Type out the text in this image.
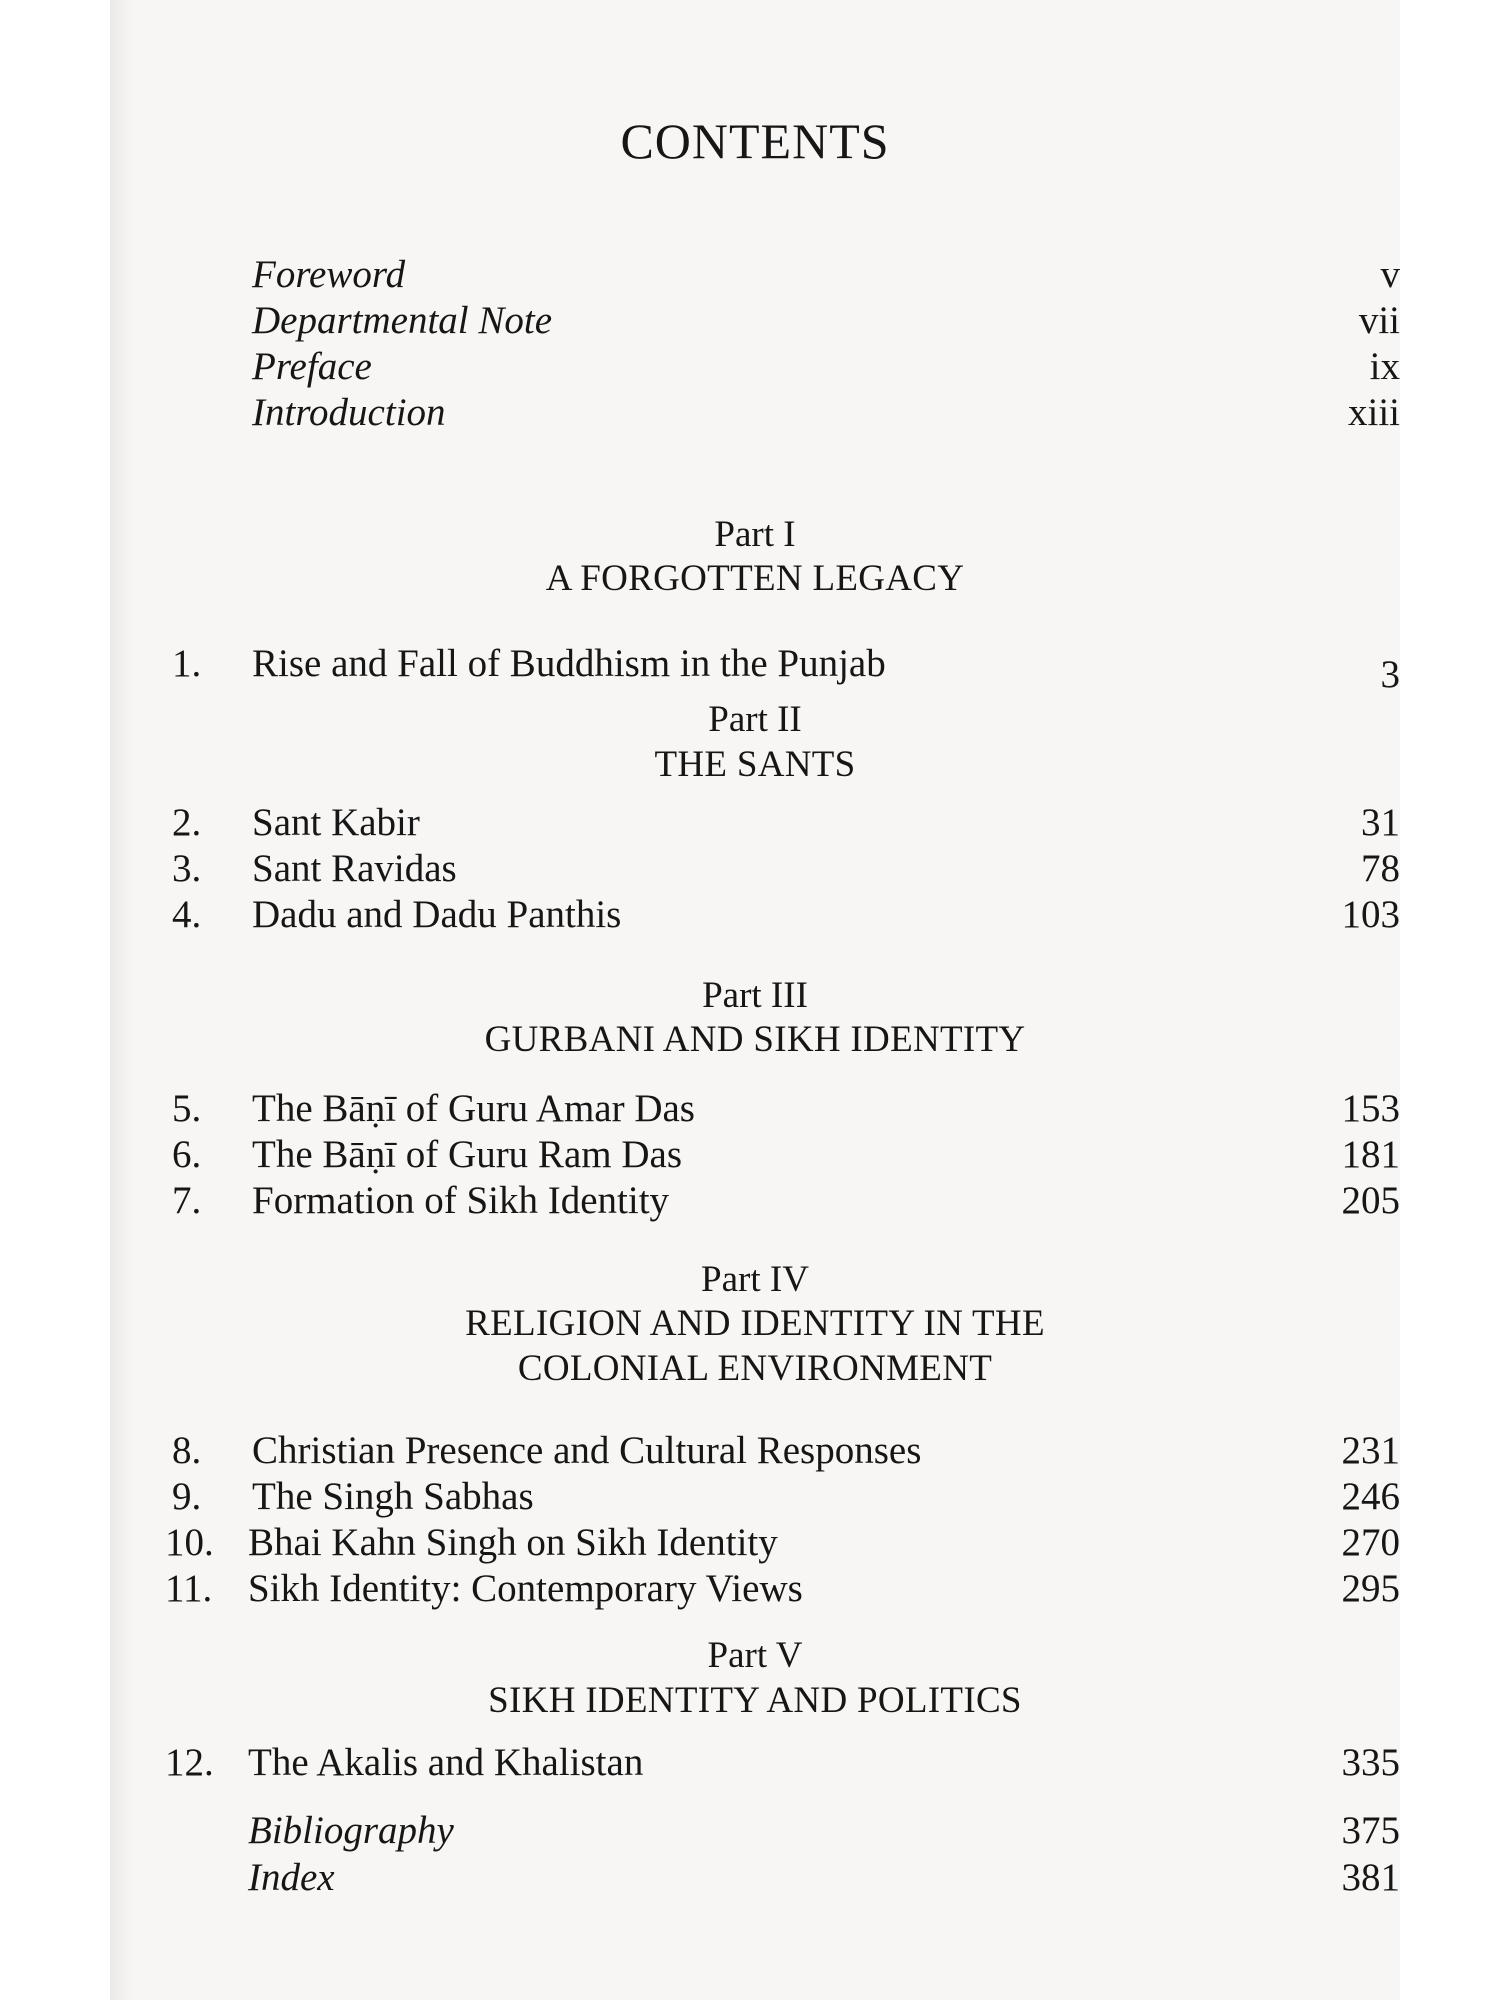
CONTENTS
Foreword	v
Departmental Note	vii
Preface	ix
Introduction	xiii
Part I
A FORGOTTEN LEGACY
1. Rise and Fall of Buddhism in the Punjab	3
Part II
THE SANTS
2. Sant Kabir	31
3. Sant Ravidas	78
4. Dadu and Dadu Panthis	103
Part III
GURBANI AND SIKH IDENTITY
5. The Bāṇī of Guru Amar Das	153
6. The Bāṇī of Guru Ram Das	181
7. Formation of Sikh Identity	205
Part IV
RELIGION AND IDENTITY IN THE
COLONIAL ENVIRONMENT
8. Christian Presence and Cultural Responses	231
9. The Singh Sabhas	246
10. Bhai Kahn Singh on Sikh Identity	270
11. Sikh Identity: Contemporary Views	295
Part V
SIKH IDENTITY AND POLITICS
12. The Akalis and Khalistan	335
Bibliography	375
Index	381
